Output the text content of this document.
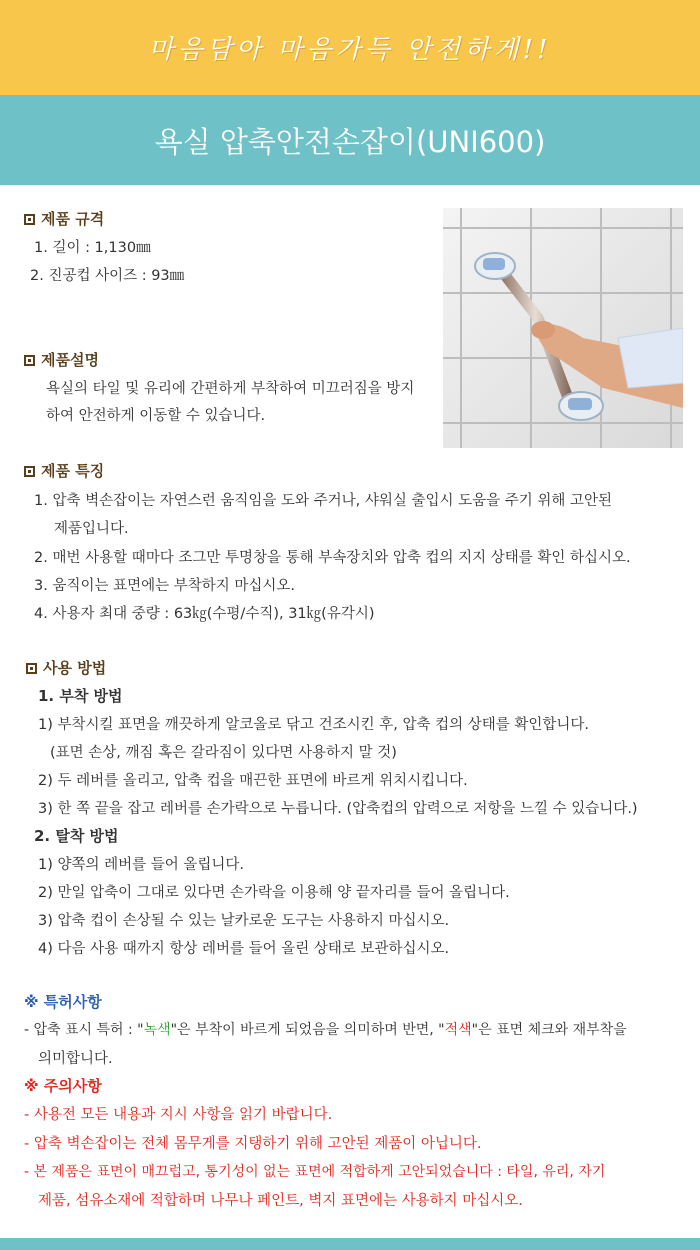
마음담아 마음가득 안전하게!!
욕실 압축안전손잡이(UNI600)
제품 규격
1. 길이 : 1,130㎜
2. 진공컵 사이즈 : 93㎜
제품설명
욕실의 타일 및 유리에 간편하게 부착하여 미끄러짐을 방지
하여 안전하게 이동할 수 있습니다.
제품 특징
1. 압축 벽손잡이는 자연스런 움직임을 도와 주거나, 샤워실 출입시 도움을 주기 위해 고안된
제품입니다.
2. 매번 사용할 때마다 조그만 투명창을 통해 부속장치와 압축 컵의 지지 상태를 확인 하십시오.
3. 움직이는 표면에는 부착하지 마십시오.
4. 사용자 최대 중량 : 63㎏(수평/수직), 31㎏(유각시)
사용 방법
1. 부착 방법
1) 부착시킬 표면을 깨끗하게 알코올로 닦고 건조시킨 후, 압축 컵의 상태를 확인합니다.
(표면 손상, 깨짐 혹은 갈라짐이 있다면 사용하지 말 것)
2) 두 레버를 올리고, 압축 컵을 매끈한 표면에 바르게 위치시킵니다.
3) 한 쪽 끝을 잡고 레버를 손가락으로 누릅니다. (압축컵의 압력으로 저항을 느낄 수 있습니다.)
2. 탈착 방법
1) 양쪽의 레버를 들어 올립니다.
2) 만일 압축이 그대로 있다면 손가락을 이용해 양 끝자리를 들어 올립니다.
3) 압축 컵이 손상될 수 있는 날카로운 도구는 사용하지 마십시오.
4) 다음 사용 때까지 항상 레버를 들어 올린 상태로 보관하십시오.
※ 특허사항
- 압축 표시 특허 : "녹색"은 부착이 바르게 되었음을 의미하며 반면, "적색"은 표면 체크와 재부착을
의미합니다.
※ 주의사항
- 사용전 모든 내용과 지시 사항을 읽기 바랍니다.
- 압축 벽손잡이는 전체 몸무게를 지탱하기 위해 고안된 제품이 아닙니다.
- 본 제품은 표면이 매끄럽고, 통기성이 없는 표면에 적합하게 고안되었습니다 : 타일, 유리, 자기
제품, 섬유소재에 적합하며 나무나 페인트, 벽지 표면에는 사용하지 마십시오.
